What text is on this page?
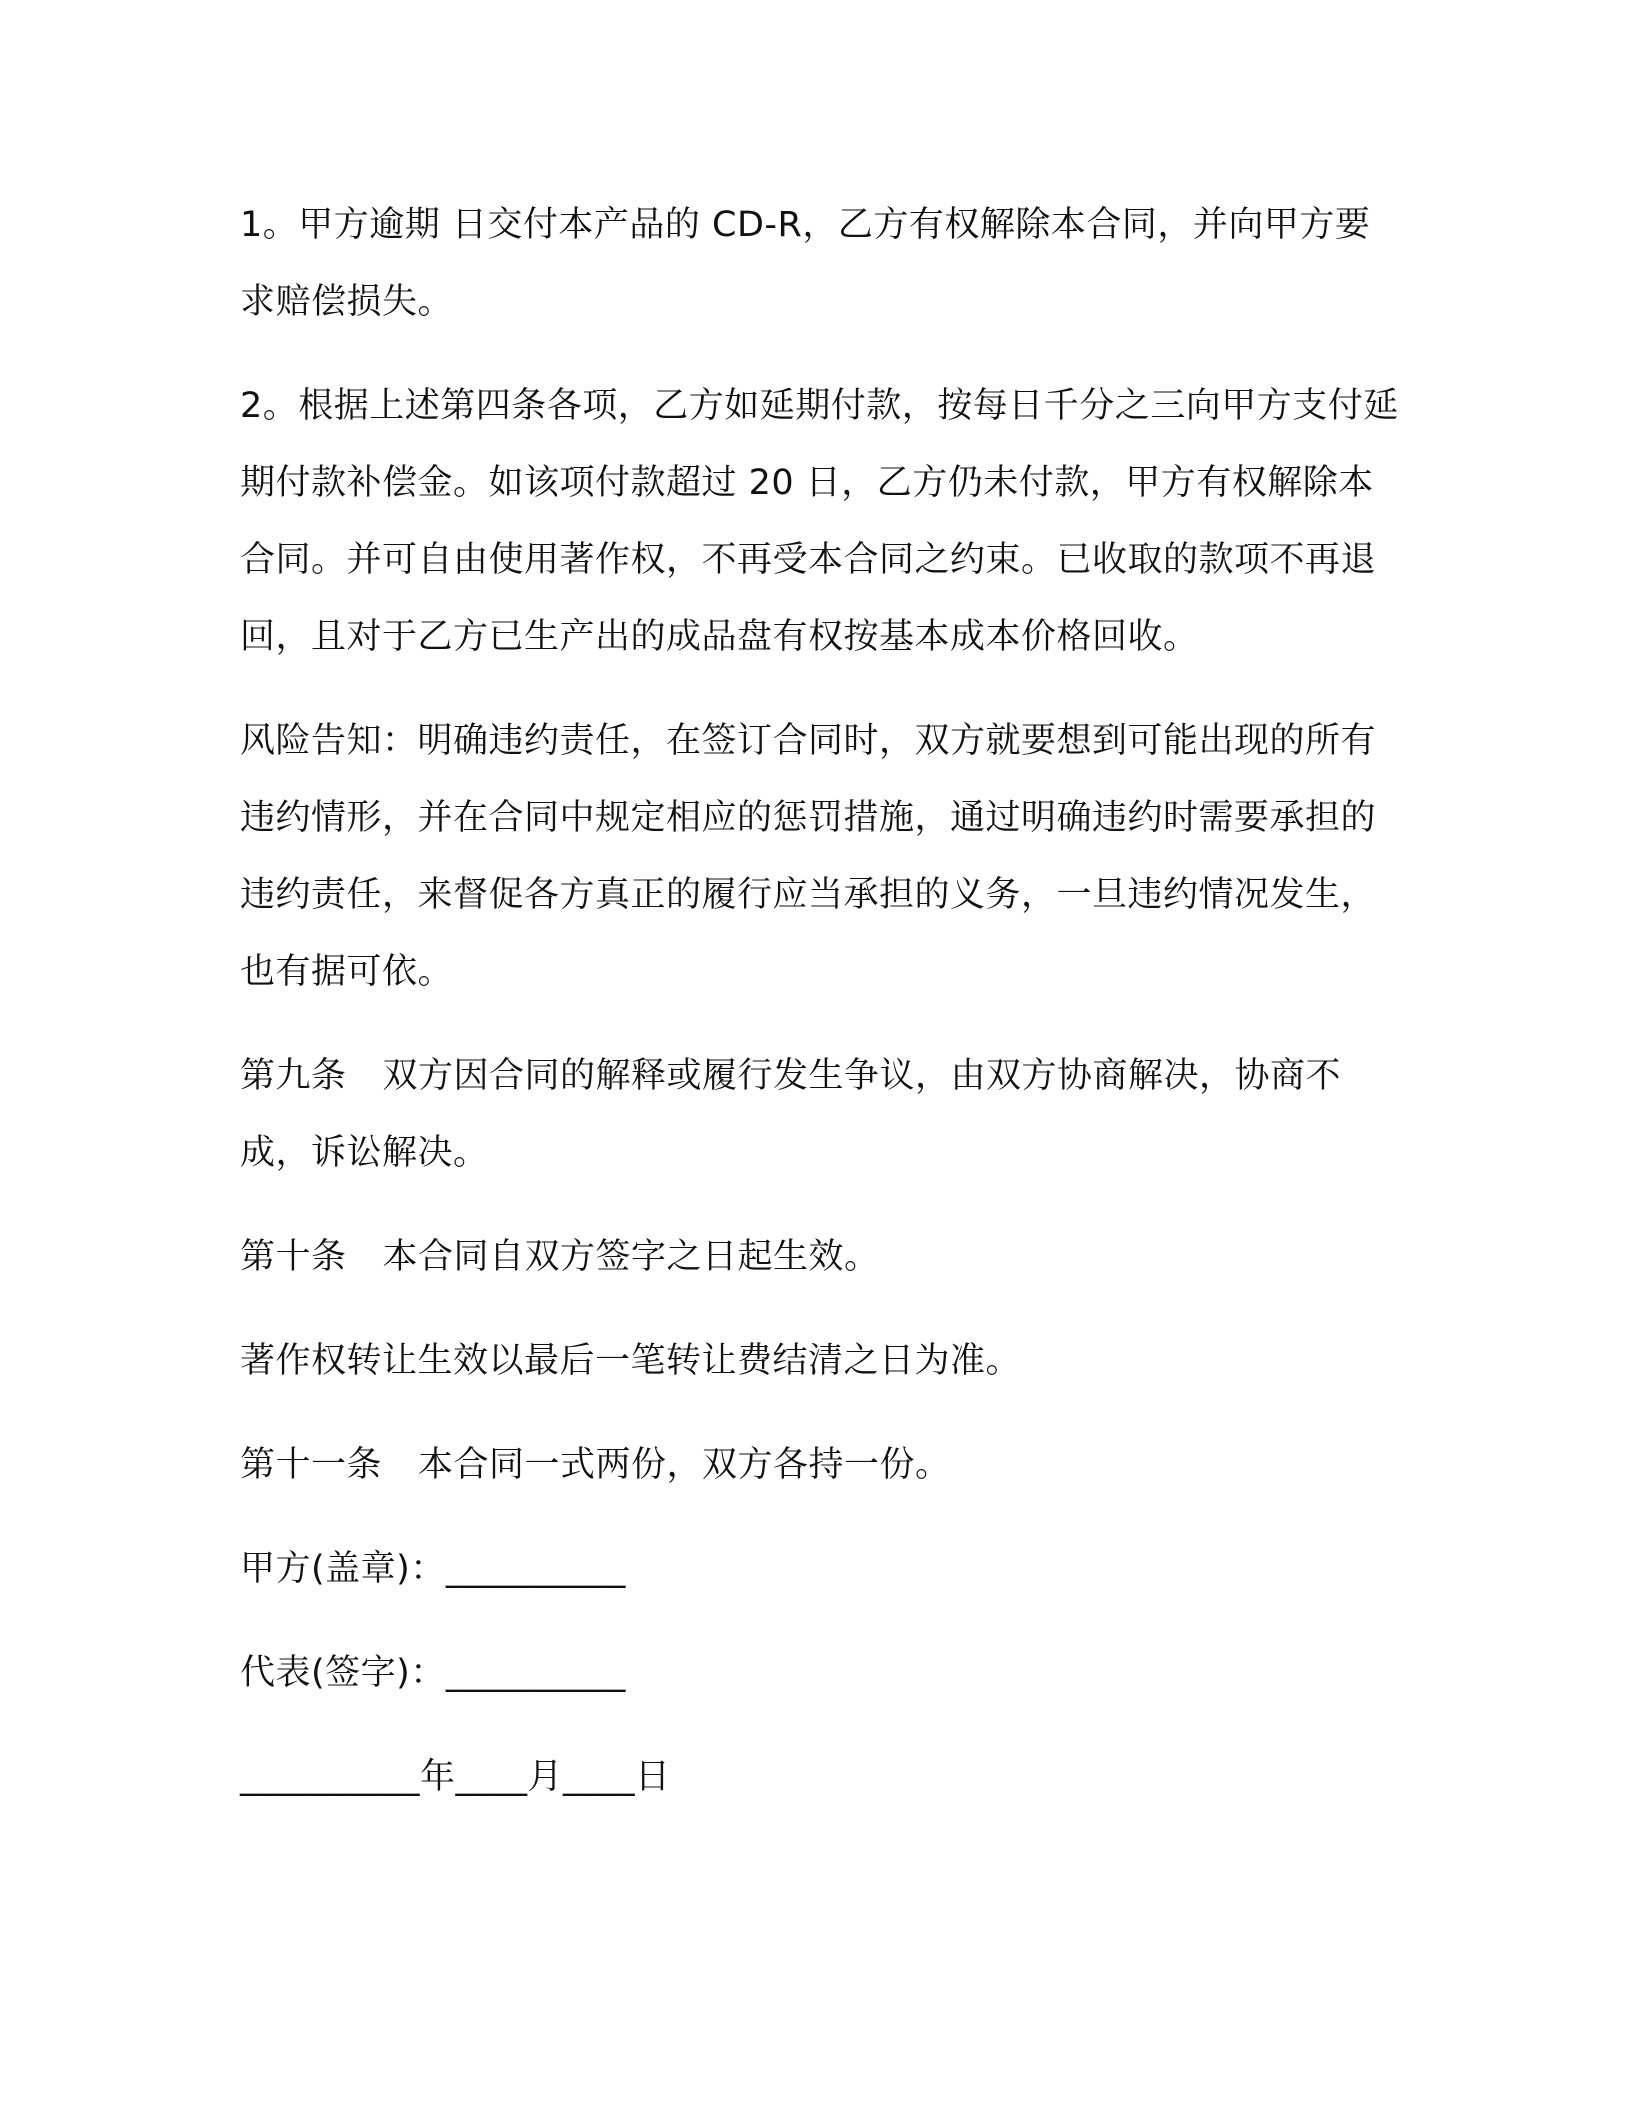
1。甲方逾期 日交付本产品的 CD-R，乙方有权解除本合同，并向甲方要求赔偿损失。

2。根据上述第四条各项，乙方如延期付款，按每日千分之三向甲方支付延期付款补偿金。如该项付款超过 20 日，乙方仍未付款，甲方有权解除本合同。并可自由使用著作权，不再受本合同之约束。已收取的款项不再退回，且对于乙方已生产出的成品盘有权按基本成本价格回收。

风险告知：明确违约责任，在签订合同时，双方就要想到可能出现的所有违约情形，并在合同中规定相应的惩罚措施，通过明确违约时需要承担的违约责任，来督促各方真正的履行应当承担的义务，一旦违约情况发生，也有据可依。

第九条 双方因合同的解释或履行发生争议，由双方协商解决，协商不成，诉讼解决。

第十条 本合同自双方签字之日起生效。

著作权转让生效以最后一笔转让费结清之日为准。

第十一条 本合同一式两份，双方各持一份。

甲方(盖章)：__________

代表(签字)：__________

__________年____月____日
